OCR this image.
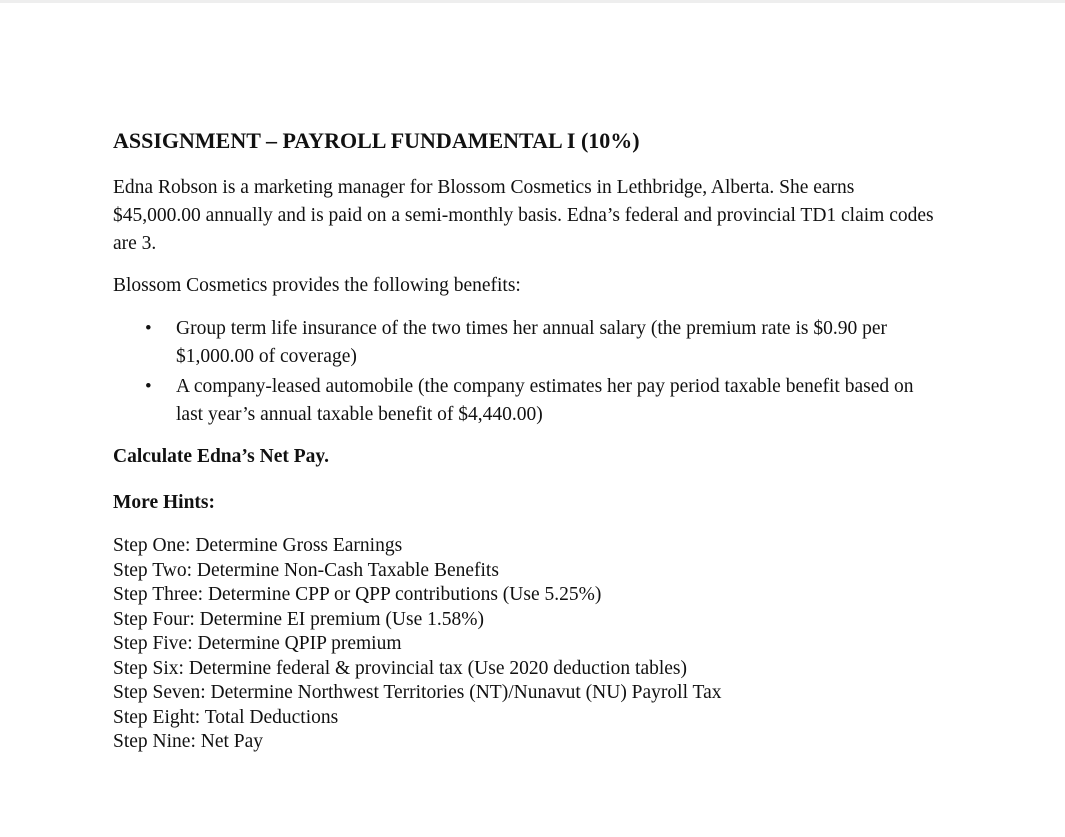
ASSIGNMENT – PAYROLL FUNDAMENTAL I (10%)

Edna Robson is a marketing manager for Blossom Cosmetics in Lethbridge, Alberta. She earns $45,000.00 annually and is paid on a semi-monthly basis. Edna’s federal and provincial TD1 claim codes are 3.

Blossom Cosmetics provides the following benefits:

• Group term life insurance of the two times her annual salary (the premium rate is $0.90 per $1,000.00 of coverage)
• A company-leased automobile (the company estimates her pay period taxable benefit based on last year’s annual taxable benefit of $4,440.00)

Calculate Edna’s Net Pay.

More Hints:

Step One: Determine Gross Earnings
Step Two: Determine Non-Cash Taxable Benefits
Step Three: Determine CPP or QPP contributions (Use 5.25%)
Step Four: Determine EI premium (Use 1.58%)
Step Five: Determine QPIP premium
Step Six: Determine federal & provincial tax (Use 2020 deduction tables)
Step Seven: Determine Northwest Territories (NT)/Nunavut (NU) Payroll Tax
Step Eight: Total Deductions
Step Nine: Net Pay
